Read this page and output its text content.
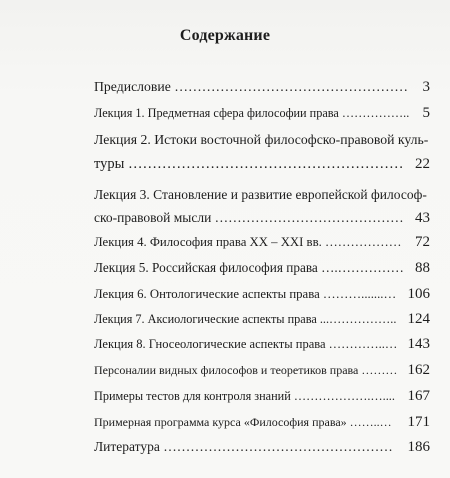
Содержание
Предисловие …………………………………………… 3
Лекция 1. Предметная сфера философии права …………….. 5
Лекция 2. Истоки восточной философско-правовой куль-
туры ………………………………………………… 22
Лекция 3. Становление и развитие европейской философ-
ско-правовой мысли …………………………………… 43
Лекция 4. Философия права XX – XXI вв. ……………… 72
Лекция 5. Российская философия права ….…………… 88
Лекция 6. Онтологические аспекты права ……….......… 106
Лекция 7. Аксиологические аспекты права ...…………….. 124
Лекция 8. Гносеологические аспекты права …………..… 143
Персоналии видных философов и теоретиков права ……… 162
Примеры тестов для контроля знаний ……………….….... 167
Примерная программа курса «Философия права» ……..… 171
Литература …………………………………………… 186
